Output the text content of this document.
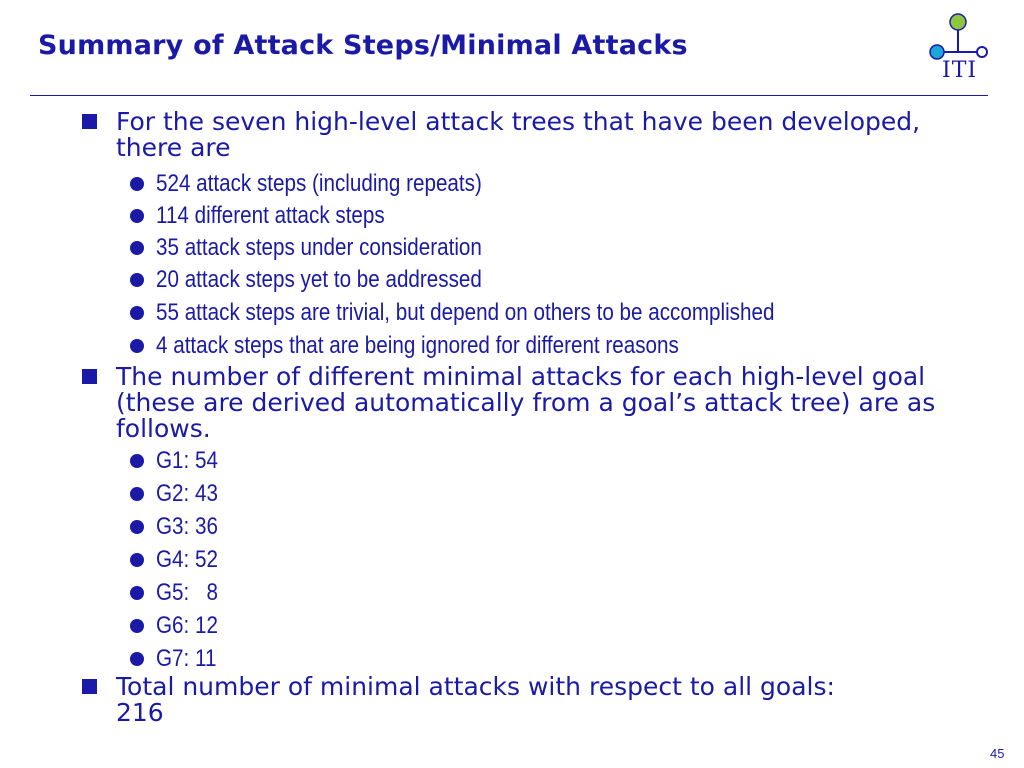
Summary of Attack Steps/Minimal Attacks
ITI
For the seven high-level attack trees that have been developed, there are
524 attack steps (including repeats)
114 different attack steps
35 attack steps under consideration
20 attack steps yet to be addressed
55 attack steps are trivial, but depend on others to be accomplished
4 attack steps that are being ignored for different reasons
The number of different minimal attacks for each high-level goal (these are derived automatically from a goal’s attack tree) are as follows.
G1: 54
G2: 43
G3: 36
G4: 52
G5:   8
G6: 12
G7: 11
Total number of minimal attacks with respect to all goals: 216
45
